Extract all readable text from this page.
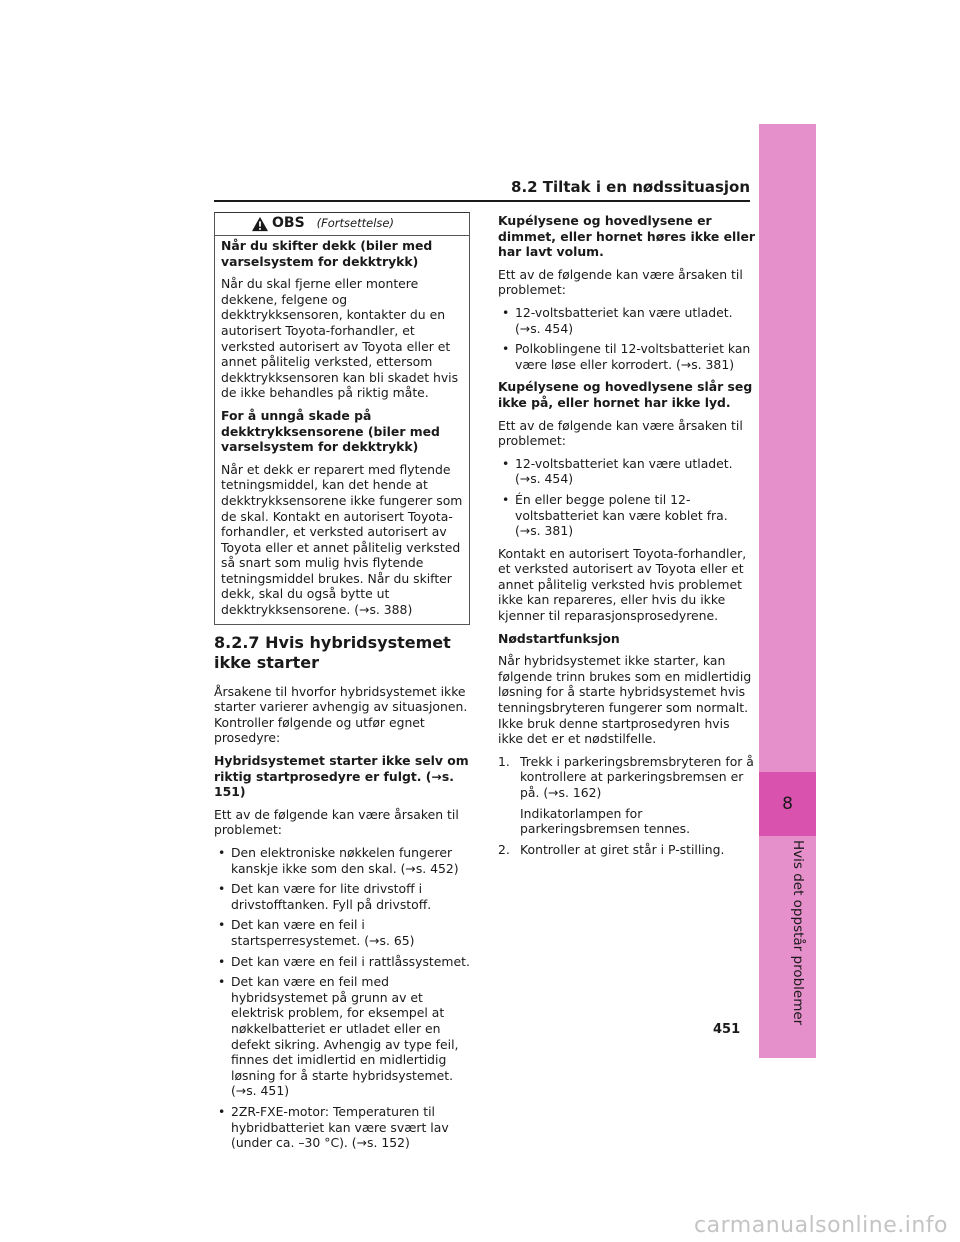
8.2 Tiltak i en nødssituasjon
8
Hvis det oppstår problemer
OBS (Fortsettelse)

Når du skifter dekk (biler med varselsystem for dekktrykk)

Når du skal fjerne eller montere dekkene, felgene og dekktrykksensoren, kontakter du en autorisert Toyota-forhandler, et verksted autorisert av Toyota eller et annet pålitelig verksted, ettersom dekktrykksensoren kan bli skadet hvis de ikke behandles på riktig måte.

For å unngå skade på dekktrykksensorene (biler med varselsystem for dekktrykk)

Når et dekk er reparert med flytende tetningsmiddel, kan det hende at dekktrykksensorene ikke fungerer som de skal. Kontakt en autorisert Toyota-forhandler, et verksted autorisert av Toyota eller et annet pålitelig verksted så snart som mulig hvis flytende tetningsmiddel brukes. Når du skifter dekk, skal du også bytte ut dekktrykksensorene. (→s. 388)

8.2.7 Hvis hybridsystemet ikke starter

Årsakene til hvorfor hybridsystemet ikke starter varierer avhengig av situasjonen. Kontroller følgende og utfør egnet prosedyre:

Hybridsystemet starter ikke selv om riktig startprosedyre er fulgt. (→s. 151)

Ett av de følgende kan være årsaken til problemet:

• Den elektroniske nøkkelen fungerer kanskje ikke som den skal. (→s. 452)
• Det kan være for lite drivstoff i drivstofftanken. Fyll på drivstoff.
• Det kan være en feil i startsperresystemet. (→s. 65)
• Det kan være en feil i rattlåssystemet.
• Det kan være en feil med hybridsystemet på grunn av et elektrisk problem, for eksempel at nøkkelbatteriet er utladet eller en defekt sikring. Avhengig av type feil, finnes det imidlertid en midlertidig løsning for å starte hybridsystemet. (→s. 451)
• 2ZR-FXE-motor: Temperaturen til hybridbatteriet kan være svært lav (under ca. –30 °C). (→s. 152)

Kupélysene og hovedlysene er dimmet, eller hornet høres ikke eller har lavt volum.

Ett av de følgende kan være årsaken til problemet:

• 12-voltsbatteriet kan være utladet. (→s. 454)
• Polkoblingene til 12-voltsbatteriet kan være løse eller korrodert. (→s. 381)

Kupélysene og hovedlysene slår seg ikke på, eller hornet har ikke lyd.

Ett av de følgende kan være årsaken til problemet:

• 12-voltsbatteriet kan være utladet. (→s. 454)
• Én eller begge polene til 12-voltsbatteriet kan være koblet fra. (→s. 381)

Kontakt en autorisert Toyota-forhandler, et verksted autorisert av Toyota eller et annet pålitelig verksted hvis problemet ikke kan repareres, eller hvis du ikke kjenner til reparasjonsprosedyrene.

Nødstartfunksjon

Når hybridsystemet ikke starter, kan følgende trinn brukes som en midlertidig løsning for å starte hybridsystemet hvis tenningsbryteren fungerer som normalt. Ikke bruk denne startprosedyren hvis ikke det er et nødstilfelle.

1. Trekk i parkeringsbremsbryteren for å kontrollere at parkeringsbremsen er på. (→s. 162)
Indikatorlampen for parkeringsbremsen tennes.
2. Kontroller at giret står i P-stilling.
451
carmanualsonline.info
